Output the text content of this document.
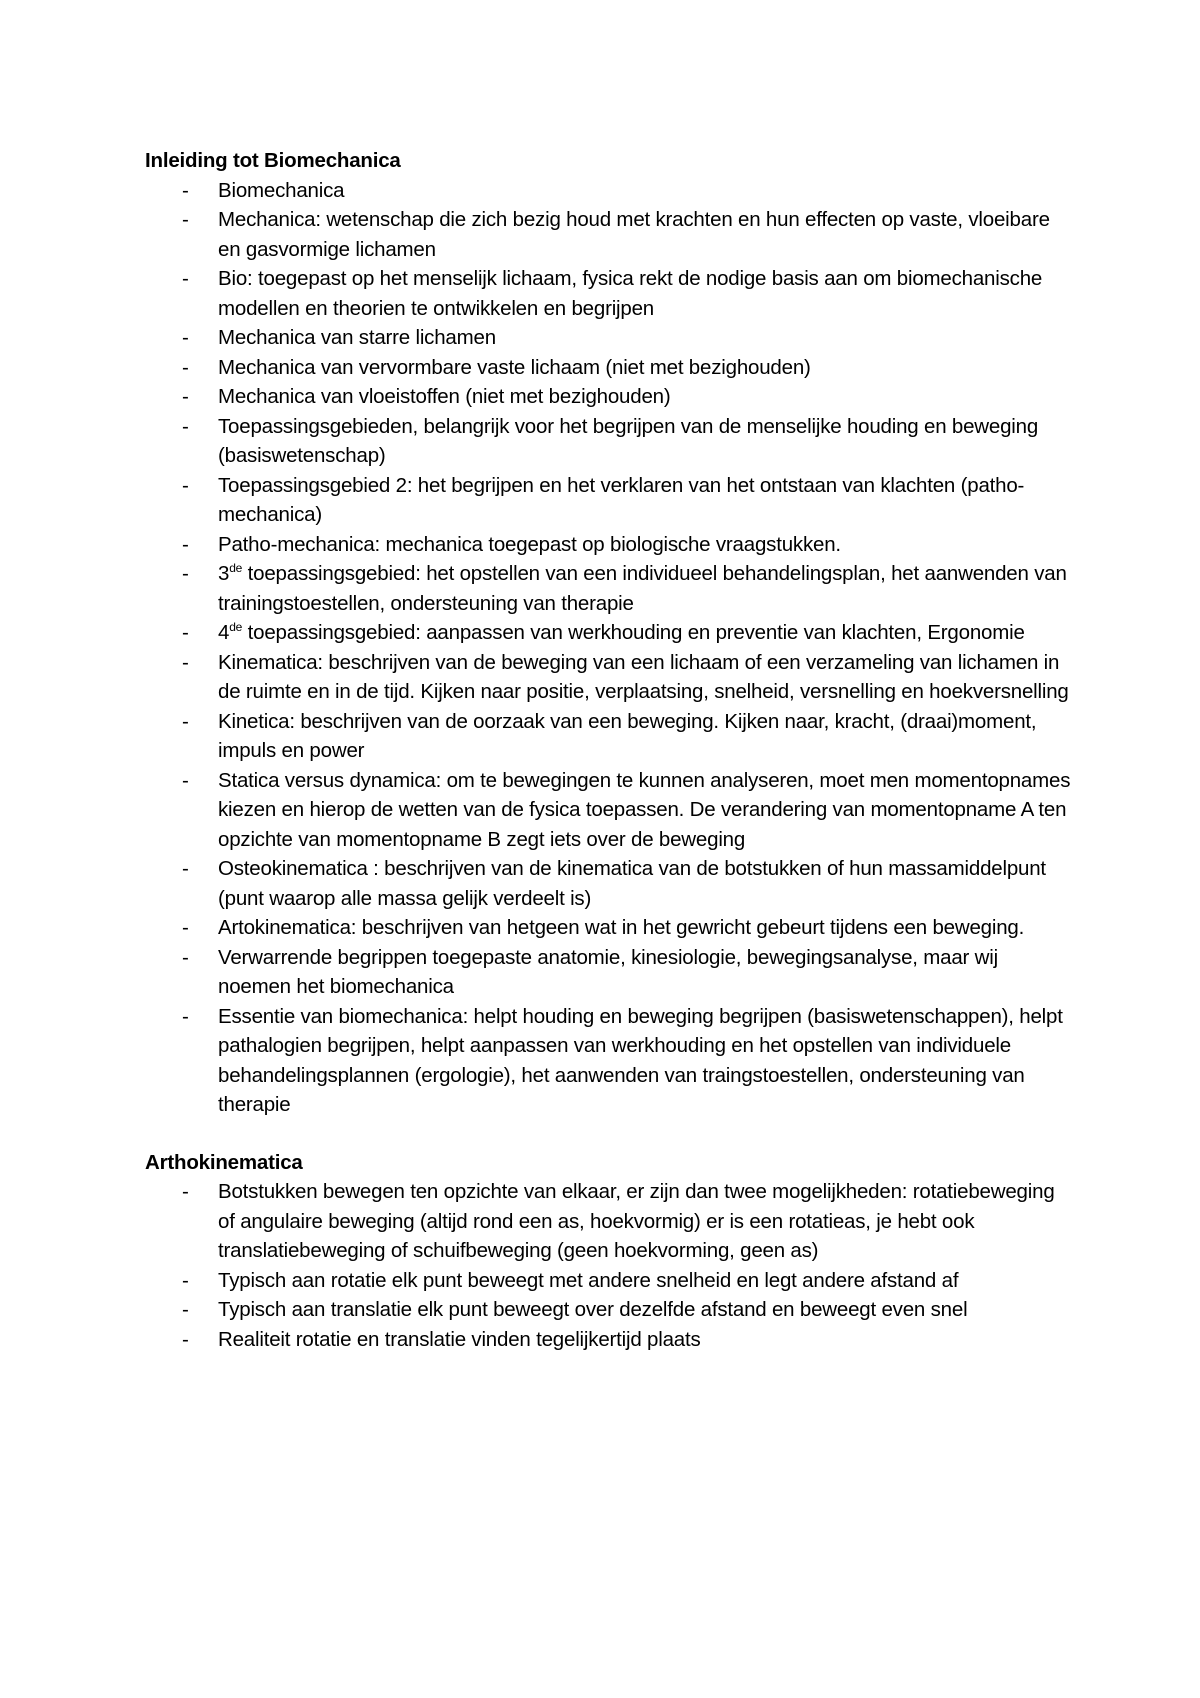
Inleiding tot Biomechanica
- Biomechanica
- Mechanica: wetenschap die zich bezig houd met krachten en hun effecten op vaste, vloeibare en gasvormige lichamen
- Bio: toegepast op het menselijk lichaam, fysica rekt de nodige basis aan om biomechanische modellen en theorien te ontwikkelen en begrijpen
- Mechanica van starre lichamen
- Mechanica van vervormbare vaste lichaam (niet met bezighouden)
- Mechanica van vloeistoffen (niet met bezighouden)
- Toepassingsgebieden, belangrijk voor het begrijpen van de menselijke houding en beweging (basiswetenschap)
- Toepassingsgebied 2: het begrijpen en het verklaren van het ontstaan van klachten (patho-mechanica)
- Patho-mechanica: mechanica toegepast op biologische vraagstukken.
- 3de toepassingsgebied: het opstellen van een individueel behandelingsplan, het aanwenden van trainingstoestellen, ondersteuning van therapie
- 4de toepassingsgebied: aanpassen van werkhouding en preventie van klachten, Ergonomie
- Kinematica: beschrijven van de beweging van een lichaam of een verzameling van lichamen in de ruimte en in de tijd. Kijken naar positie, verplaatsing, snelheid, versnelling en hoekversnelling
- Kinetica: beschrijven van de oorzaak van een beweging. Kijken naar, kracht, (draai)moment, impuls en power
- Statica versus dynamica: om te bewegingen te kunnen analyseren, moet men momentopnames kiezen en hierop de wetten van de fysica toepassen. De verandering van momentopname A ten opzichte van momentopname B zegt iets over de beweging
- Osteokinematica : beschrijven van de kinematica van de botstukken of hun massamiddelpunt (punt waarop alle massa gelijk verdeelt is)
- Artokinematica: beschrijven van hetgeen wat in het gewricht gebeurt tijdens een beweging.
- Verwarrende begrippen toegepaste anatomie, kinesiologie, bewegingsanalyse, maar wij noemen het biomechanica
- Essentie van biomechanica: helpt houding en beweging begrijpen (basiswetenschappen), helpt pathalogien begrijpen, helpt aanpassen van werkhouding en het opstellen van individuele behandelingsplannen (ergologie), het aanwenden van traingstoestellen, ondersteuning van therapie
Arthokinematica
- Botstukken bewegen ten opzichte van elkaar, er zijn dan twee mogelijkheden: rotatiebeweging of angulaire beweging (altijd rond een as, hoekvormig) er is een rotatieas, je hebt ook translatiebeweging of schuifbeweging (geen hoekvorming, geen as)
- Typisch aan rotatie elk punt beweegt met andere snelheid en legt andere afstand af
- Typisch aan translatie elk punt beweegt over dezelfde afstand en beweegt even snel
- Realiteit rotatie en translatie vinden tegelijkertijd plaats
